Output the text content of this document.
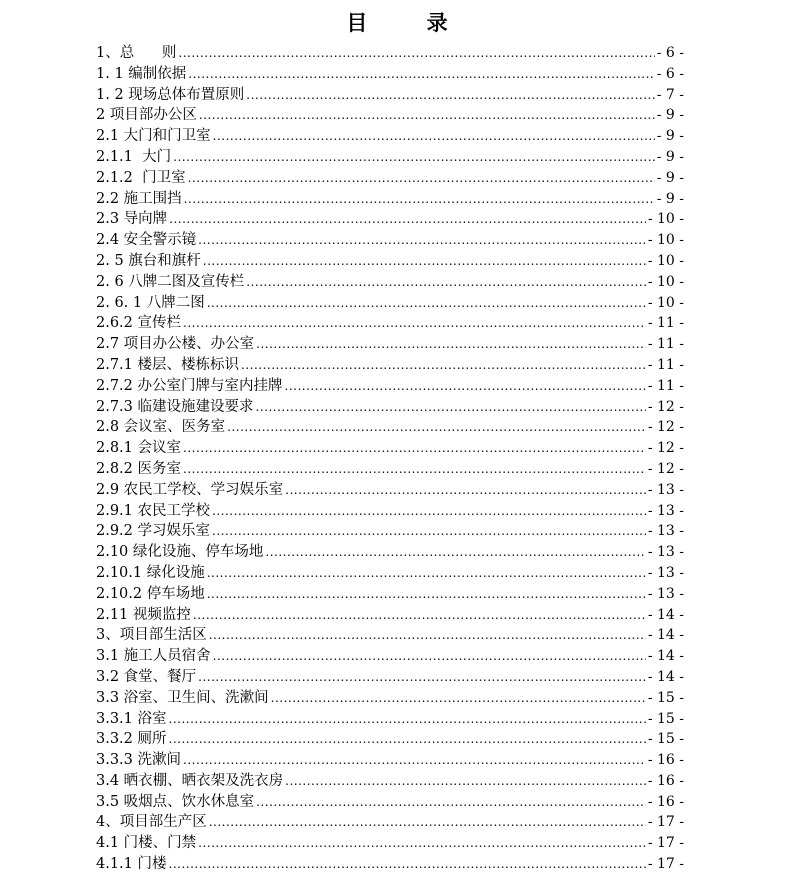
目 录
1、总      则 .....	- 6 -
1. 1 编制依据 .....	- 6 -
1. 2 现场总体布置原则 .....	- 7 -
2 项目部办公区 .....	- 9 -
2.1 大门和门卫室 .....	- 9 -
2.1.1  大门 .....	- 9 -
2.1.2  门卫室 .....	- 9 -
2.2 施工围挡 .....	- 9 -
2.3 导向牌 .....	- 10 -
2.4 安全警示镜 .....	- 10 -
2. 5 旗台和旗杆 .....	- 10 -
2. 6 八牌二图及宣传栏 .....	- 10 -
2. 6. 1 八牌二图 .....	- 10 -
2.6.2 宣传栏 .....	- 11 -
2.7 项目办公楼、办公室 .....	- 11 -
2.7.1 楼层、楼栋标识 .....	- 11 -
2.7.2 办公室门牌与室内挂牌 .....	- 11 -
2.7.3 临建设施建设要求 .....	- 12 -
2.8 会议室、医务室 .....	- 12 -
2.8.1 会议室 .....	- 12 -
2.8.2 医务室 .....	- 12 -
2.9 农民工学校、学习娱乐室 .....	- 13 -
2.9.1 农民工学校 .....	- 13 -
2.9.2 学习娱乐室 .....	- 13 -
2.10 绿化设施、停车场地 .....	- 13 -
2.10.1 绿化设施 .....	- 13 -
2.10.2 停车场地 .....	- 13 -
2.11 视频监控 .....	- 14 -
3、项目部生活区 .....	- 14 -
3.1 施工人员宿舍 .....	- 14 -
3.2 食堂、餐厅 .....	- 14 -
3.3 浴室、卫生间、洗漱间 .....	- 15 -
3.3.1 浴室 .....	- 15 -
3.3.2 厕所 .....	- 15 -
3.3.3 洗漱间 .....	- 16 -
3.4 晒衣棚、晒衣架及洗衣房 .....	- 16 -
3.5 吸烟点、饮水休息室 .....	- 16 -
4、项目部生产区 .....	- 17 -
4.1 门楼、门禁 .....	- 17 -
4.1.1 门楼 .....	- 17 -
